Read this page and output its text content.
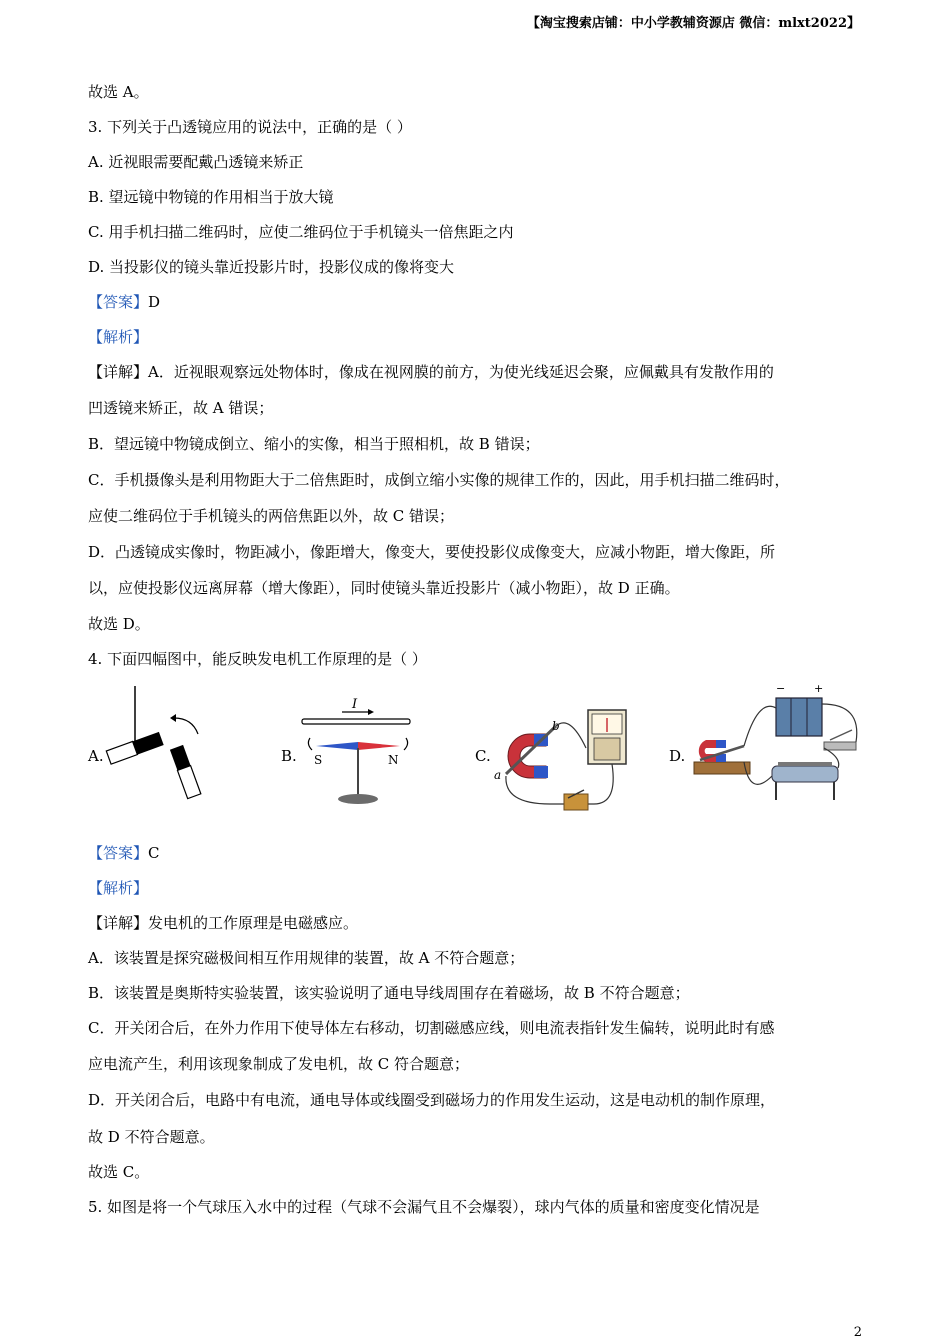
【淘宝搜索店铺：中小学教辅资源店 微信：mlxt2022】
故选 A。
3. 下列关于凸透镜应用的说法中，正确的是（ ）
A. 近视眼需要配戴凸透镜来矫正
B. 望远镜中物镜的作用相当于放大镜
C. 用手机扫描二维码时，应使二维码位于手机镜头一倍焦距之内
D. 当投影仪的镜头靠近投影片时，投影仪成的像将变大
【答案】D
【解析】
【详解】A．近视眼观察远处物体时，像成在视网膜的前方，为使光线延迟会聚，应佩戴具有发散作用的
凹透镜来矫正，故 A 错误；
B．望远镜中物镜成倒立、缩小的实像，相当于照相机，故 B 错误；
C．手机摄像头是利用物距大于二倍焦距时，成倒立缩小实像的规律工作的，因此，用手机扫描二维码时，
应使二维码位于手机镜头的两倍焦距以外，故 C 错误；
D．凸透镜成实像时，物距减小，像距增大，像变大，要使投影仪成像变大，应减小物距，增大像距，所
以，应使投影仪远离屏幕（增大像距），同时使镜头靠近投影片（减小物距），故 D 正确。
故选 D。
4. 下面四幅图中，能反映发电机工作原理的是（ ）
A.	B.	C.	D.
I
S	N
a
b
−	+
【答案】C
【解析】
【详解】发电机的工作原理是电磁感应。
A．该装置是探究磁极间相互作用规律的装置，故 A 不符合题意；
B．该装置是奥斯特实验装置，该实验说明了通电导线周围存在着磁场，故 B 不符合题意；
C．开关闭合后，在外力作用下使导体左右移动，切割磁感应线，则电流表指针发生偏转，说明此时有感
应电流产生，利用该现象制成了发电机，故 C 符合题意；
D．开关闭合后，电路中有电流，通电导体或线圈受到磁场力的作用发生运动，这是电动机的制作原理，
故 D 不符合题意。
故选 C。
5. 如图是将一个气球压入水中的过程（气球不会漏气且不会爆裂），球内气体的质量和密度变化情况是
2
